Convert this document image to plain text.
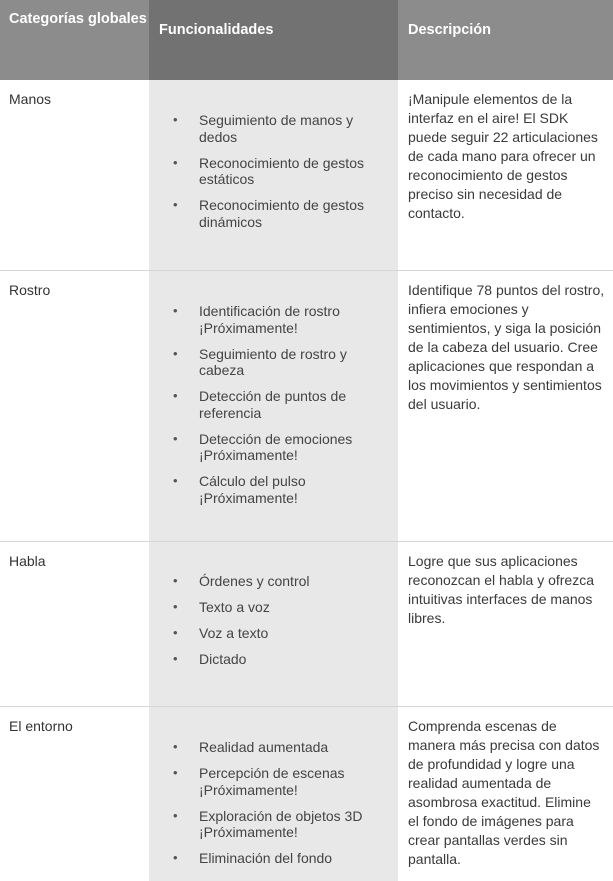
Categorías globales
Funcionalidades	Descripción
Manos
• Seguimiento de manos y dedos
• Reconocimiento de gestos estáticos
• Reconocimiento de gestos dinámicos
¡Manipule elementos de la interfaz en el aire! El SDK puede seguir 22 articulaciones de cada mano para ofrecer un reconocimiento de gestos preciso sin necesidad de contacto.
Rostro
• Identificación de rostro ¡Próximamente!
• Seguimiento de rostro y cabeza
• Detección de puntos de referencia
• Detección de emociones ¡Próximamente!
• Cálculo del pulso ¡Próximamente!
Identifique 78 puntos del rostro, infiera emociones y sentimientos, y siga la posición de la cabeza del usuario. Cree aplicaciones que respondan a los movimientos y sentimientos del usuario.
Habla
• Órdenes y control
• Texto a voz
• Voz a texto
• Dictado
Logre que sus aplicaciones reconozcan el habla y ofrezca intuitivas interfaces de manos libres.
El entorno
• Realidad aumentada
• Percepción de escenas ¡Próximamente!
• Exploración de objetos 3D ¡Próximamente!
• Eliminación del fondo
Comprenda escenas de manera más precisa con datos de profundidad y logre una realidad aumentada de asombrosa exactitud. Elimine el fondo de imágenes para crear pantallas verdes sin pantalla.
